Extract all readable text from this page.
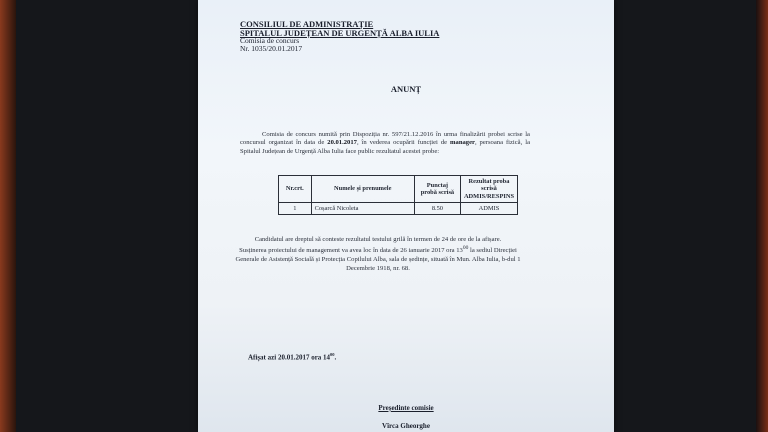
CONSILIUL DE ADMINISTRAȚIE
SPITALUL JUDEȚEAN DE URGENȚĂ ALBA IULIA
Comisia de concurs
Nr. 1035/20.01.2017
ANUNȚ

Comisia de concurs numită prin Dispoziția nr. 597/21.12.2016 în urma finalizării probei scrise la concursul organizat în data de 20.01.2017, în vederea ocupării funcției de manager, persoana fizică, la Spitalul Județean de Urgență Alba Iulia face public rezultatul acestei probe:

Nr.crt.	Numele și prenumele	Punctaj probă scrisă	Rezultat proba scrisă ADMIS/RESPINS
1	Coșarcă Nicoleta	8.50	ADMIS
Candidatul are dreptul să conteste rezultatul testului grilă în termen de 24 de ore de la afișare.
Susținerea proiectului de management va avea loc în data de 26 ianuarie 2017 ora $13^{00}$ la sediul Direcției Generale de Asistență Socială și Protecția Copilului Alba, sala de ședințe, situată în Mun. Alba Iulia, b-dul 1 Decembrie 1918, nr. 68.
Afișat azi 20.01.2017 ora $14^{00}$.
Președinte comisie
Vîrca Gheorghe
